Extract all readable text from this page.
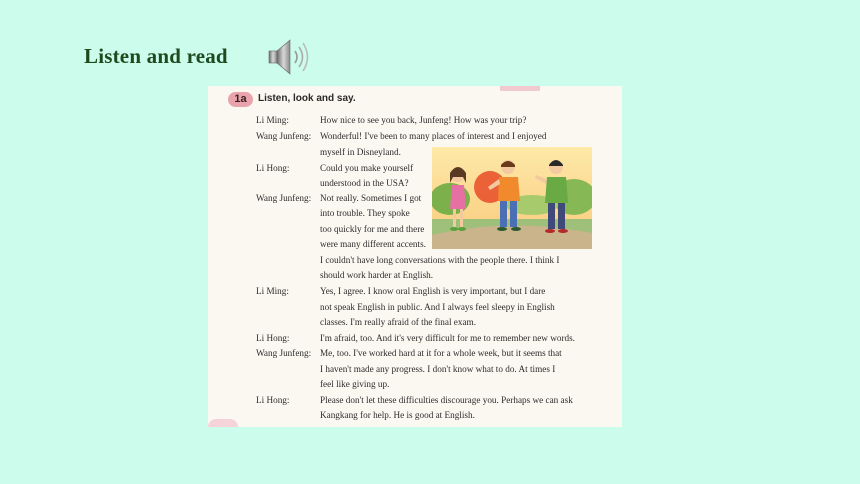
Listen and read
1a	Listen, look and say.
Li Ming:	How nice to see you back, Junfeng! How was your trip?
Wang Junfeng: Wonderful! I've been to many places of interest and I enjoyed
myself in Disneyland.
Li Hong:	Could you make yourself
understood in the USA?
Wang Junfeng: Not really. Sometimes I got
into trouble. They spoke
too quickly for me and there
were many different accents.
I couldn't have long conversations with the people there. I think I
should work harder at English.
Li Ming:	Yes, I agree. I know oral English is very important, but I dare
not speak English in public. And I always feel sleepy in English
classes. I'm really afraid of the final exam.
Li Hong:	I'm afraid, too. And it's very difficult for me to remember new words.
Wang Junfeng: Me, too. I've worked hard at it for a whole week, but it seems that
I haven't made any progress. I don't know what to do. At times I
feel like giving up.
Li Hong:	Please don't let these difficulties discourage you. Perhaps we can ask
Kangkang for help. He is good at English.
